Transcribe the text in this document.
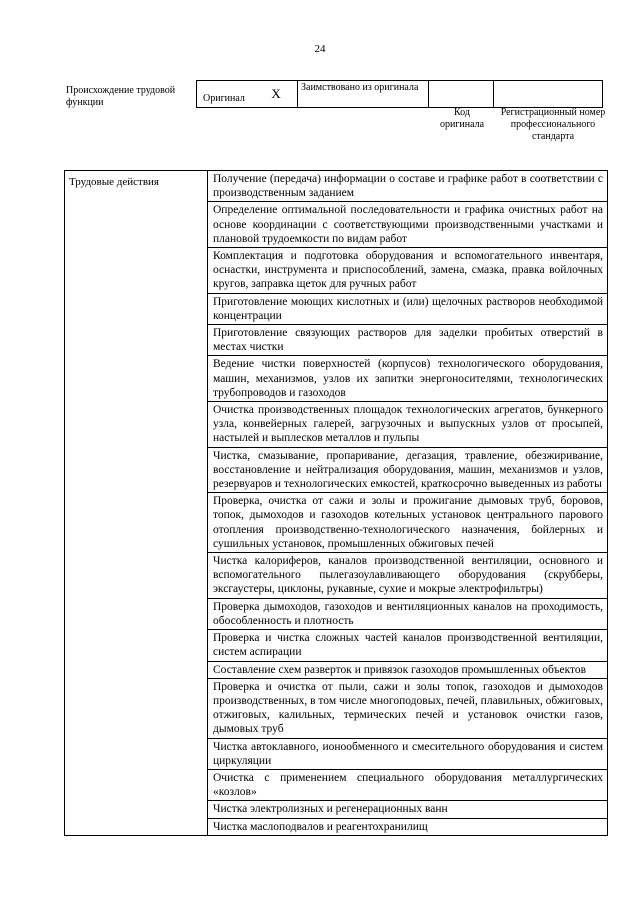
24
Происхождение трудовой функции	Оригинал X	Заимствовано из оригинала

Код оригинала
Регистрационный номер профессионального стандарта
Трудовые действия	Получение (передача) информации о составе и графике работ в соответствии с производственным заданием
Определение оптимальной последовательности и графика очистных работ на основе координации с соответствующими производственными участками и плановой трудоемкости по видам работ
Комплектация и подготовка оборудования и вспомогательного инвентаря, оснастки, инструмента и приспособлений, замена, смазка, правка войлочных кругов, заправка щеток для ручных работ
Приготовление моющих кислотных и (или) щелочных растворов необходимой концентрации
Приготовление связующих растворов для заделки пробитых отверстий в местах чистки
Ведение чистки поверхностей (корпусов) технологического оборудования, машин, механизмов, узлов их запитки энергоносителями, технологических трубопроводов и газоходов
Очистка производственных площадок технологических агрегатов, бункерного узла, конвейерных галерей, загрузочных и выпускных узлов от просыпей, настылей и выплесков металлов и пульпы
Чистка, смазывание, пропаривание, дегазация, травление, обезжиривание, восстановление и нейтрализация оборудования, машин, механизмов и узлов, резервуаров и технологических емкостей, краткосрочно выведенных из работы
Проверка, очистка от сажи и золы и прожигание дымовых труб, боровов, топок, дымоходов и газоходов котельных установок центрального парового отопления производственно-технологического назначения, бойлерных и сушильных установок, промышленных обжиговых печей
Чистка калориферов, каналов производственной вентиляции, основного и вспомогательного пылегазоулавливающего оборудования (скрубберы, эксгаустеры, циклоны, рукавные, сухие и мокрые электрофильтры)
Проверка дымоходов, газоходов и вентиляционных каналов на проходимость, обособленность и плотность
Проверка и чистка сложных частей каналов производственной вентиляции, систем аспирации
Составление схем разверток и привязок газоходов промышленных объектов
Проверка и очистка от пыли, сажи и золы топок, газоходов и дымоходов производственных, в том числе многоподовых, печей, плавильных, обжиговых, отжиговых, калильных, термических печей и установок очистки газов, дымовых труб
Чистка автоклавного, ионообменного и смесительного оборудования и систем циркуляции
Очистка с применением специального оборудования металлургических «козлов»
Чистка электролизных и регенерационных ванн
Чистка маслоподвалов и реагентохранилищ
